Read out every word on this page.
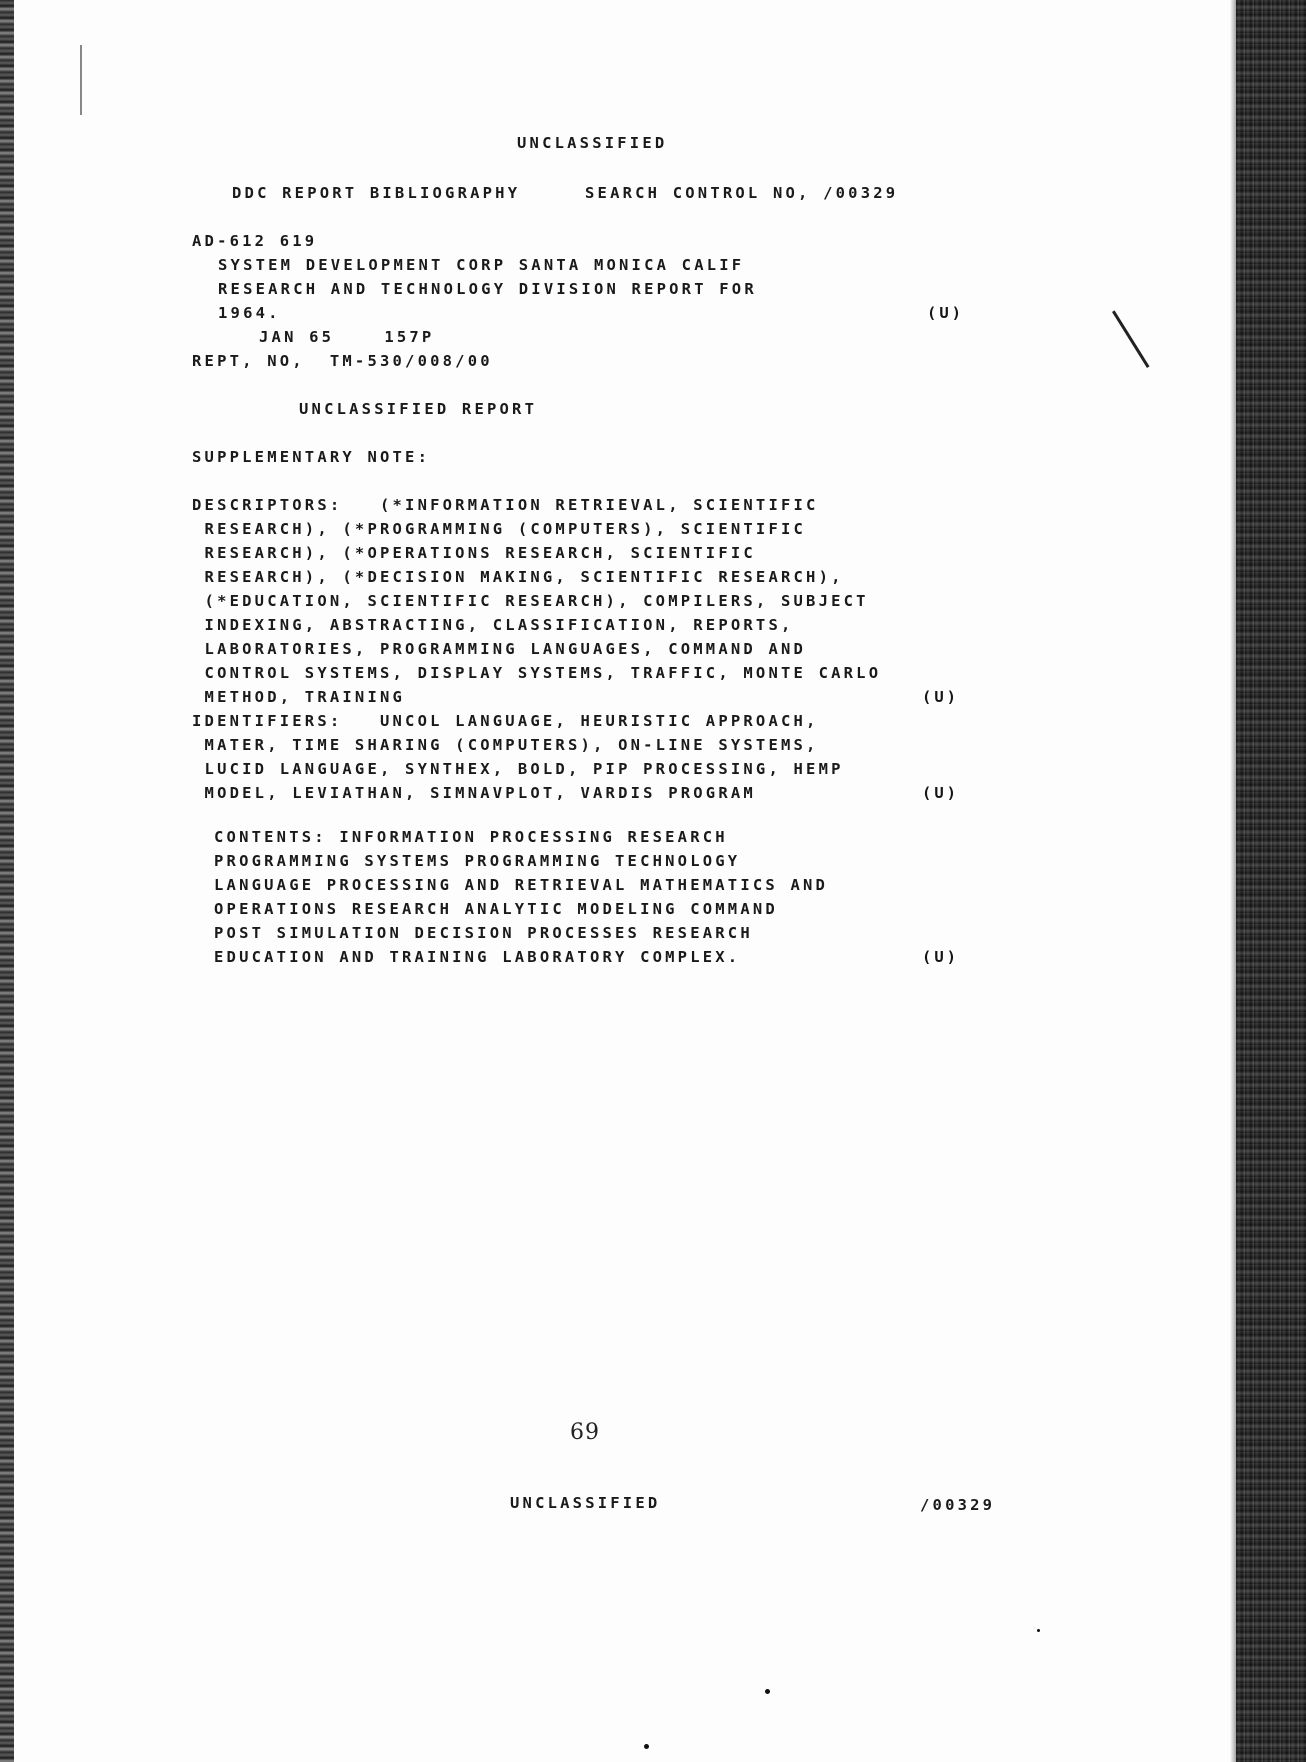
UNCLASSIFIED
DDC REPORT BIBLIOGRAPHY	SEARCH CONTROL NO, /00329
AD-612 619
SYSTEM DEVELOPMENT CORP SANTA MONICA CALIF
RESEARCH AND TECHNOLOGY DIVISION REPORT FOR
1964.	(U)
JAN 65    157P
REPT, NO,  TM-530/008/00
UNCLASSIFIED REPORT
SUPPLEMENTARY NOTE:
DESCRIPTORS:   (*INFORMATION RETRIEVAL, SCIENTIFIC
RESEARCH), (*PROGRAMMING (COMPUTERS), SCIENTIFIC
RESEARCH), (*OPERATIONS RESEARCH, SCIENTIFIC
RESEARCH), (*DECISION MAKING, SCIENTIFIC RESEARCH),
(*EDUCATION, SCIENTIFIC RESEARCH), COMPILERS, SUBJECT
INDEXING, ABSTRACTING, CLASSIFICATION, REPORTS,
LABORATORIES, PROGRAMMING LANGUAGES, COMMAND AND
CONTROL SYSTEMS, DISPLAY SYSTEMS, TRAFFIC, MONTE CARLO
METHOD, TRAINING	(U)
IDENTIFIERS:   UNCOL LANGUAGE, HEURISTIC APPROACH,
MATER, TIME SHARING (COMPUTERS), ON-LINE SYSTEMS,
LUCID LANGUAGE, SYNTHEX, BOLD, PIP PROCESSING, HEMP
MODEL, LEVIATHAN, SIMNAVPLOT, VARDIS PROGRAM	(U)
CONTENTS: INFORMATION PROCESSING RESEARCH
PROGRAMMING SYSTEMS PROGRAMMING TECHNOLOGY
LANGUAGE PROCESSING AND RETRIEVAL MATHEMATICS AND
OPERATIONS RESEARCH ANALYTIC MODELING COMMAND
POST SIMULATION DECISION PROCESSES RESEARCH
EDUCATION AND TRAINING LABORATORY COMPLEX.	(U)
69
UNCLASSIFIED	/00329
